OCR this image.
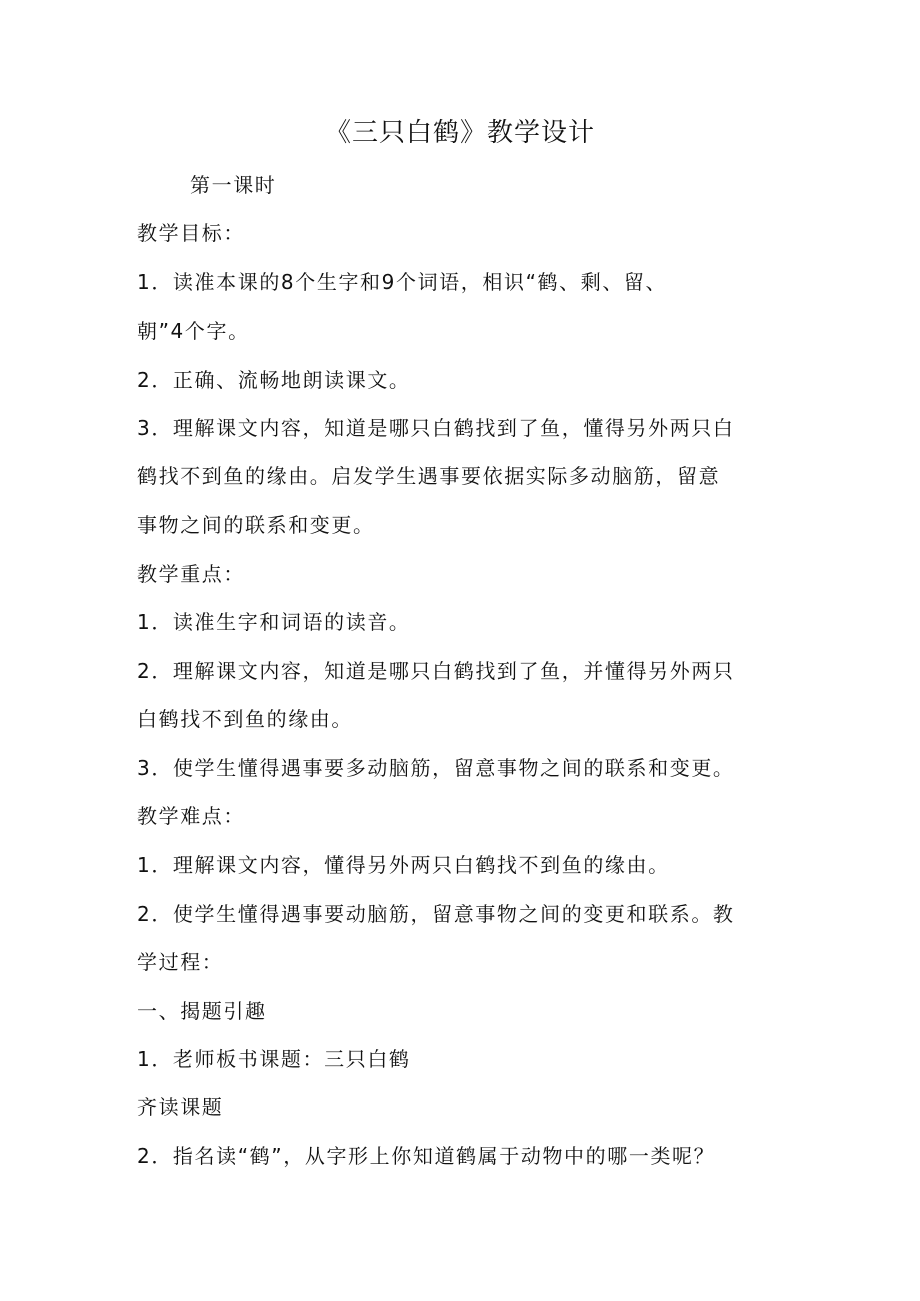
《三只白鹤》教学设计
第一课时
教学目标：
1．读准本课的8个生字和9个词语，相识“鹤、剩、留、
朝”4个字。
2．正确、流畅地朗读课文。
3．理解课文内容，知道是哪只白鹤找到了鱼，懂得另外两只白
鹤找不到鱼的缘由。启发学生遇事要依据实际多动脑筋，留意
事物之间的联系和变更。
教学重点：
1．读准生字和词语的读音。
2．理解课文内容，知道是哪只白鹤找到了鱼，并懂得另外两只
白鹤找不到鱼的缘由。
3．使学生懂得遇事要多动脑筋，留意事物之间的联系和变更。
教学难点：
1．理解课文内容，懂得另外两只白鹤找不到鱼的缘由。
2．使学生懂得遇事要动脑筋，留意事物之间的变更和联系。教
学过程：
一、揭题引趣
1．老师板书课题：三只白鹤
齐读课题
2．指名读“鹤”，从字形上你知道鹤属于动物中的哪一类呢？
